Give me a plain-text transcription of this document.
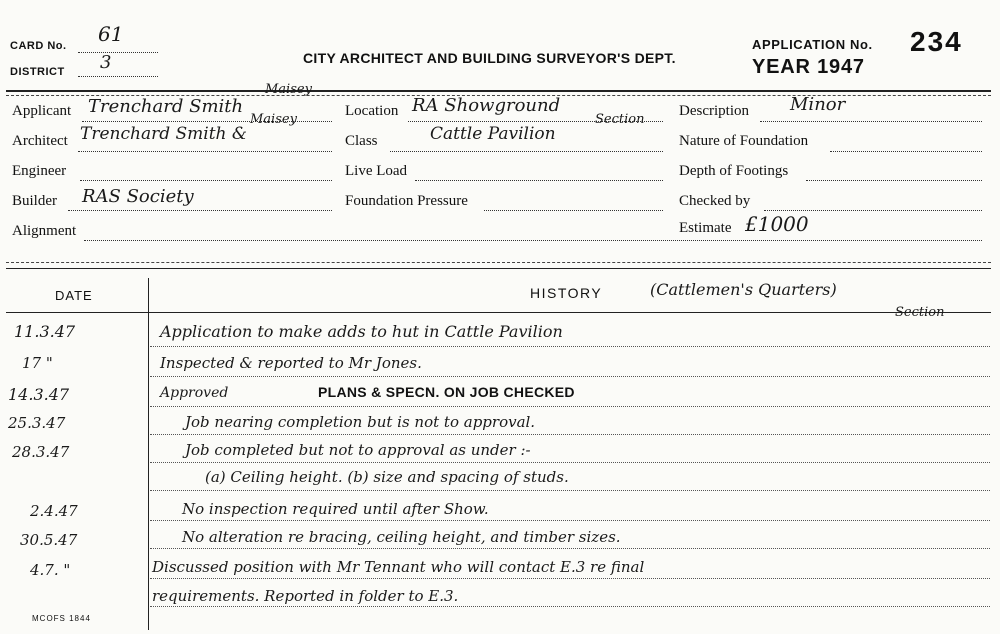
CARD No. 61
DISTRICT 3	CITY ARCHITECT AND BUILDING SURVEYOR'S DEPT.
APPLICATION No. 234
YEAR 1947
Applicant Trenchard Smith
Maisey
Architect Trenchard Smith &
Maisey
Engineer
Builder RAS Society
Alignment
Location RA Showground
Class	Cattle Pavilion
Section
Live Load
Foundation Pressure
Description Minor
Nature of Foundation
Depth of Footings
Checked by
Estimate £1000
DATE	HISTORY	(Cattlemen's Quarters)
11.3.47	Application to make adds to hut in Cattle Pavilion
Section
17 "	Inspected & reported to Mr Jones.
14.3.47	Approved	PLANS & SPECN. ON JOB CHECKED
25.3.47	Job nearing completion but is not to approval.
28.3.47	Job completed but not to approval as under :-
(a) Ceiling height. (b) size and spacing of studs.
2.4.47	No inspection required until after Show.
30.5.47	No alteration re bracing, ceiling height, and timber sizes.
4.7. "	Discussed position with Mr Tennant who will contact E.3 re final
requirements. Reported in folder to E.3.
MCOFS 1844
